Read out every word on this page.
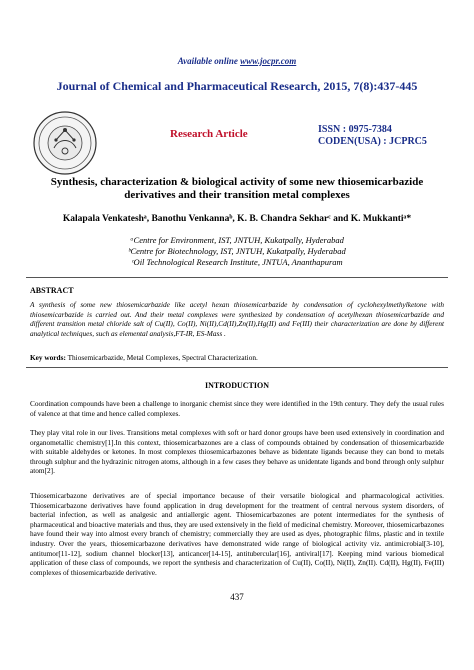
Available online www.jocpr.com
Journal of Chemical and Pharmaceutical Research, 2015, 7(8):437-445
Research Article	ISSN : 0975-7384
CODEN(USA) : JCPRC5
Synthesis, characterization & biological activity of some new thiosemicarbazide derivatives and their transition metal complexes
Kalapala Venkateshᵃ, Banothu Venkannaᵇ, K. B. Chandra Sekharᶜ and K. Mukkantiᵃ*
ᵃCentre for Environment, IST, JNTUH, Kukatpally, Hyderabad
ᵇCentre for Biotechnology, IST, JNTUH, Kukatpally, Hyderabad
ᶜOil Technological Research Institute, JNTUA, Ananthapuram
ABSTRACT
A synthesis of some new thiosemicarbazide like acetyl hexan thiosemicarbazide by condensation of cyclohexylmethylketone with thiosemicarbazide is carried out. And their metal complexes were synthesized by condensation of acetylhexan thiosemicarbazide and different transition metal chloride salt of Cu(II), Co(II), Ni(II),Cd(II),Zn(II),Hg(II) and Fe(III) their characterization are done by different analytical techniques, such as elemental analysis,FT-IR, ES-Mass .
Key words: Thiosemicarbazide, Metal Complexes, Spectral Characterization.
INTRODUCTION
Coordination compounds have been a challenge to inorganic chemist since they were identified in the 19th century. They defy the usual rules of valence at that time and hence called complexes.
They play vital role in our lives. Transitions metal complexes with soft or hard donor groups have been used extensively in coordination and organometallic chemistry[1].In this context, thiosemicarbazones are a class of compounds obtained by condensation of thiosemicarbazide with suitable aldehydes or ketones. In most complexes thiosemicarbazones behave as bidentate ligands because they can bond to metals through sulphur and the hydrazinic nitrogen atoms, although in a few cases they behave as unidentate ligands and bond through only sulphur atom[2].
Thiosemicarbazone derivatives are of special importance because of their versatile biological and pharmacological activities. Thiosemicarbazone derivatives have found application in drug development for the treatment of central nervous system disorders, of bacterial infection, as well as analgesic and antiallergic agent. Thiosemicarbazones are potent intermediates for the synthesis of pharmaceutical and bioactive materials and thus, they are used extensively in the field of medicinal chemistry. Moreover, thiosemicarbazones have found their way into almost every branch of chemistry; commercially they are used as dyes, photographic films, plastic and in textile industry. Over the years, thiosemicarbazone derivatives have demonstrated wide range of biological activity viz. antimicrobial[3-10], antitumor[11-12], sodium channel blocker[13], anticancer[14-15], antitubercular[16], antiviral[17]. Keeping mind various biomedical application of these class of compounds, we report the synthesis and characterization of Cu(II), Co(II), Ni(II), Zn(II). Cd(II), Hg(II), Fe(III) complexes of thiosemicarbazide derivative.
437
